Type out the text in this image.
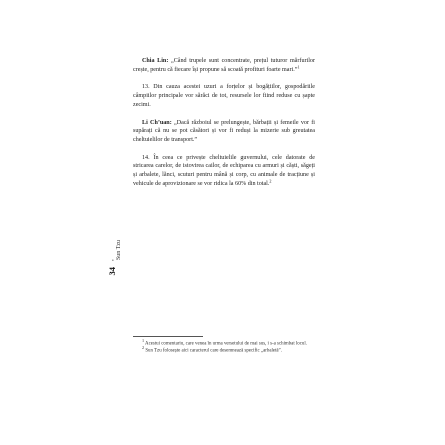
Sun Tzu
•
34

Chia Lin: „Când trupele sunt concentrate, prețul tuturor mărfurilor crește, pentru că fiecare își propune să scoată profituri foarte mari.”$^1$

13. Din cauza acestei uzuri a forțelor și bogățiilor, gospodăriile câmpiilor principale vor sărăci de tot, resursele lor fiind reduse cu șapte zecimi.

Li Ch’uan: „Dacă războiul se prelungește, bărbații și femeile vor fi supărați că nu se pot căsători și vor fi reduși la mizerie sub greutatea cheltuielilor de transport.”

14. În ceea ce privește cheltuielile guvernului, cele datorate de stricarea carelor, de istovirea cailor, de echiparea cu armuri și căști, săgeți și arbalete, lănci, scuturi pentru mână și corp, cu animale de tracțiune și vehicule de aprovizionare se vor ridica la 60% din total.$^2$

$^1$ Acestui comentariu, care venea în urma versetului de mai sus, i s-a schimbat locul.

$^2$ Sun Tzu folosește aici caracterul care desemnează specific „arbaletă”.
